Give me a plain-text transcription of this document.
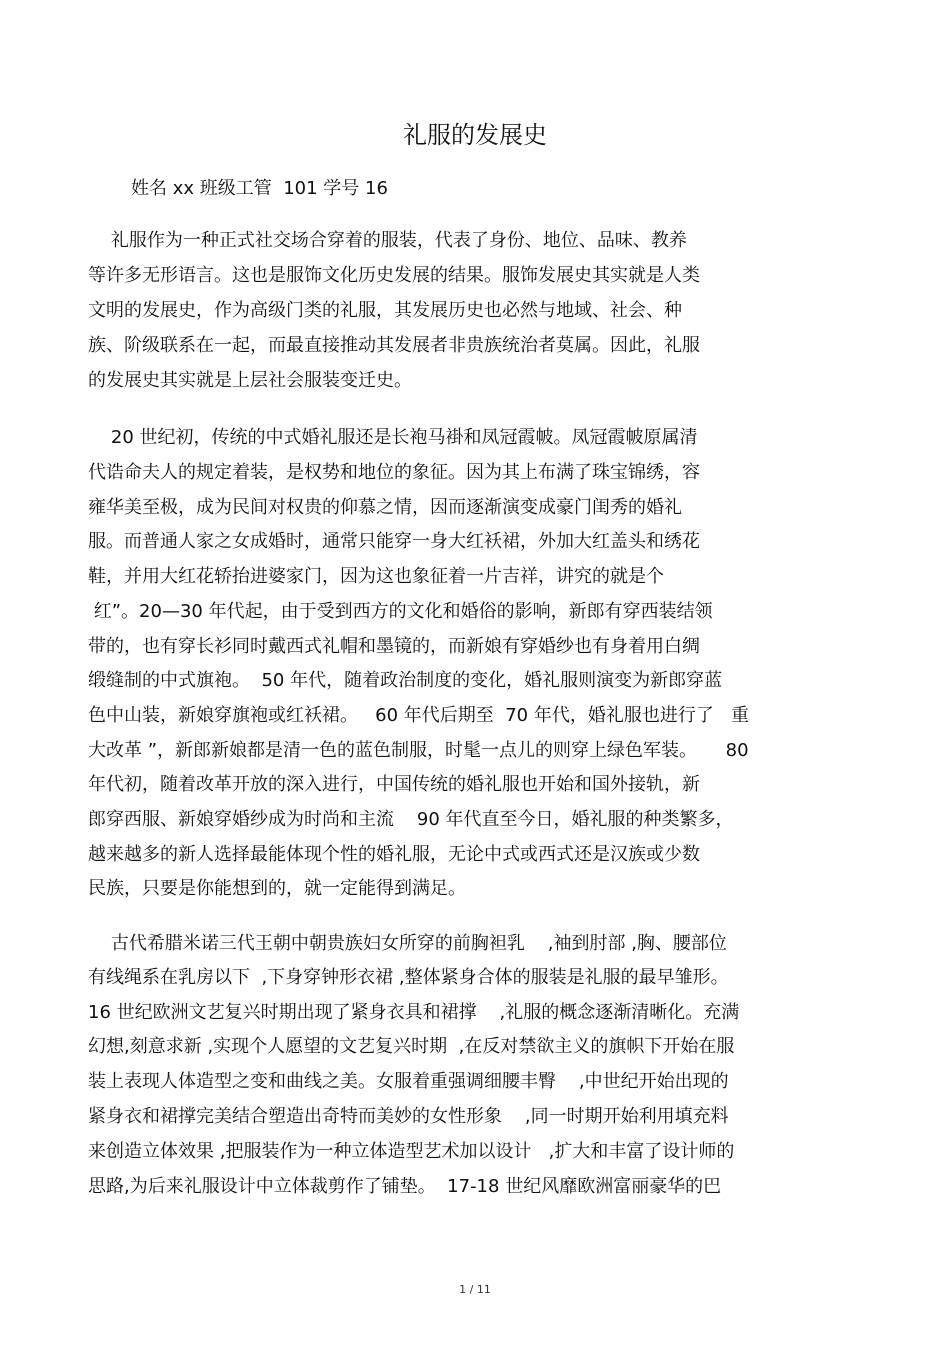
礼服的发展史
姓名 xx 班级工管  101 学号 16
礼服作为一种正式社交场合穿着的服装，代表了身份、地位、品味、教养
等许多无形语言。这也是服饰文化历史发展的结果。服饰发展史其实就是人类
文明的发展史，作为高级门类的礼服，其发展历史也必然与地域、社会、种
族、阶级联系在一起，而最直接推动其发展者非贵族统治者莫属。因此，礼服
的发展史其实就是上层社会服装变迁史。
20 世纪初，传统的中式婚礼服还是长袍马褂和凤冠霞帔。凤冠霞帔原属清
代诰命夫人的规定着装，是权势和地位的象征。因为其上布满了珠宝锦绣，容
雍华美至极，成为民间对权贵的仰慕之情，因而逐渐演变成豪门闺秀的婚礼
服。而普通人家之女成婚时，通常只能穿一身大红袄裙，外加大红盖头和绣花
鞋，并用大红花轿抬进婆家门，因为这也象征着一片吉祥，讲究的就是个
红”。20—30 年代起，由于受到西方的文化和婚俗的影响，新郎有穿西装结领
带的，也有穿长衫同时戴西式礼帽和墨镜的，而新娘有穿婚纱也有身着用白绸
缎缝制的中式旗袍。  50 年代，随着政治制度的变化，婚礼服则演变为新郎穿蓝
色中山装，新娘穿旗袍或红袄裙。   60 年代后期至  70 年代，婚礼服也进行了   重
大改革 ”，新郎新娘都是清一色的蓝色制服，时髦一点儿的则穿上绿色军装。     80
年代初，随着改革开放的深入进行，中国传统的婚礼服也开始和国外接轨，新
郎穿西服、新娘穿婚纱成为时尚和主流    90 年代直至今日，婚礼服的种类繁多，
越来越多的新人选择最能体现个性的婚礼服，无论中式或西式还是汉族或少数
民族，只要是你能想到的，就一定能得到满足。
古代希腊米诺三代王朝中朝贵族妇女所穿的前胸袒乳    ,袖到肘部 ,胸、腰部位
有线绳系在乳房以下  ,下身穿钟形衣裙 ,整体紧身合体的服装是礼服的最早雏形。
16 世纪欧洲文艺复兴时期出现了紧身衣具和裙撑    ,礼服的概念逐渐清晰化。充满
幻想,刻意求新 ,实现个人愿望的文艺复兴时期  ,在反对禁欲主义的旗帜下开始在服
装上表现人体造型之变和曲线之美。女服着重强调细腰丰臀    ,中世纪开始出现的
紧身衣和裙撑完美结合塑造出奇特而美妙的女性形象    ,同一时期开始利用填充料
来创造立体效果 ,把服装作为一种立体造型艺术加以设计   ,扩大和丰富了设计师的
思路,为后来礼服设计中立体裁剪作了铺垫。  17-18 世纪风靡欧洲富丽豪华的巴
1 / 11
